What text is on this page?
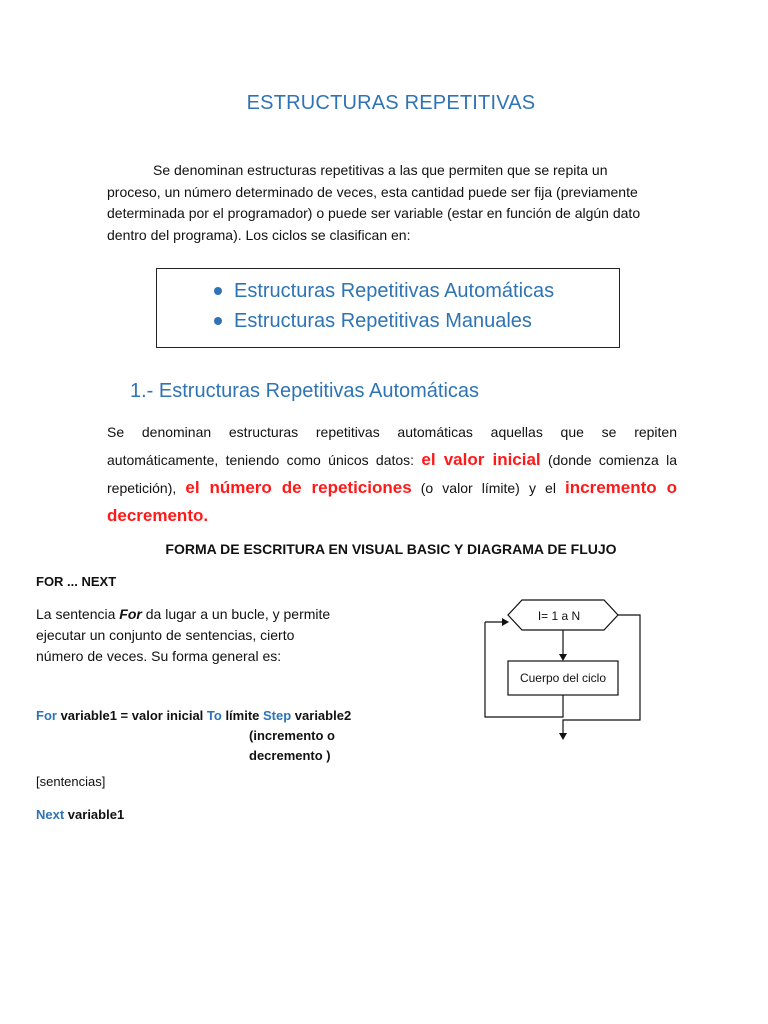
ESTRUCTURAS REPETITIVAS

Se denominan estructuras repetitivas a las que permiten que se repita un proceso, un número determinado de veces, esta cantidad puede ser fija (previamente determinada por el programador) o puede ser variable (estar en función de algún dato dentro del programa). Los ciclos se clasifican en:

Estructuras Repetitivas Automáticas
Estructuras Repetitivas Manuales
1.- Estructuras Repetitivas Automáticas

Se denominan estructuras repetitivas automáticas aquellas que se repiten automáticamente, teniendo como únicos datos: el valor inicial (donde comienza la repetición), el número de repeticiones (o valor límite) y el incremento o decremento.

FORMA DE ESCRITURA EN VISUAL BASIC Y DIAGRAMA DE FLUJO
FOR ... NEXT

La sentencia For da lugar a un bucle, y permite ejecutar un conjunto de sentencias, cierto número de veces. Su forma general es:

For variable1 = valor inicial To límite Step variable2
(incremento o
decremento )
[sentencias]
Next variable1
I= 1 a N
Cuerpo del ciclo
